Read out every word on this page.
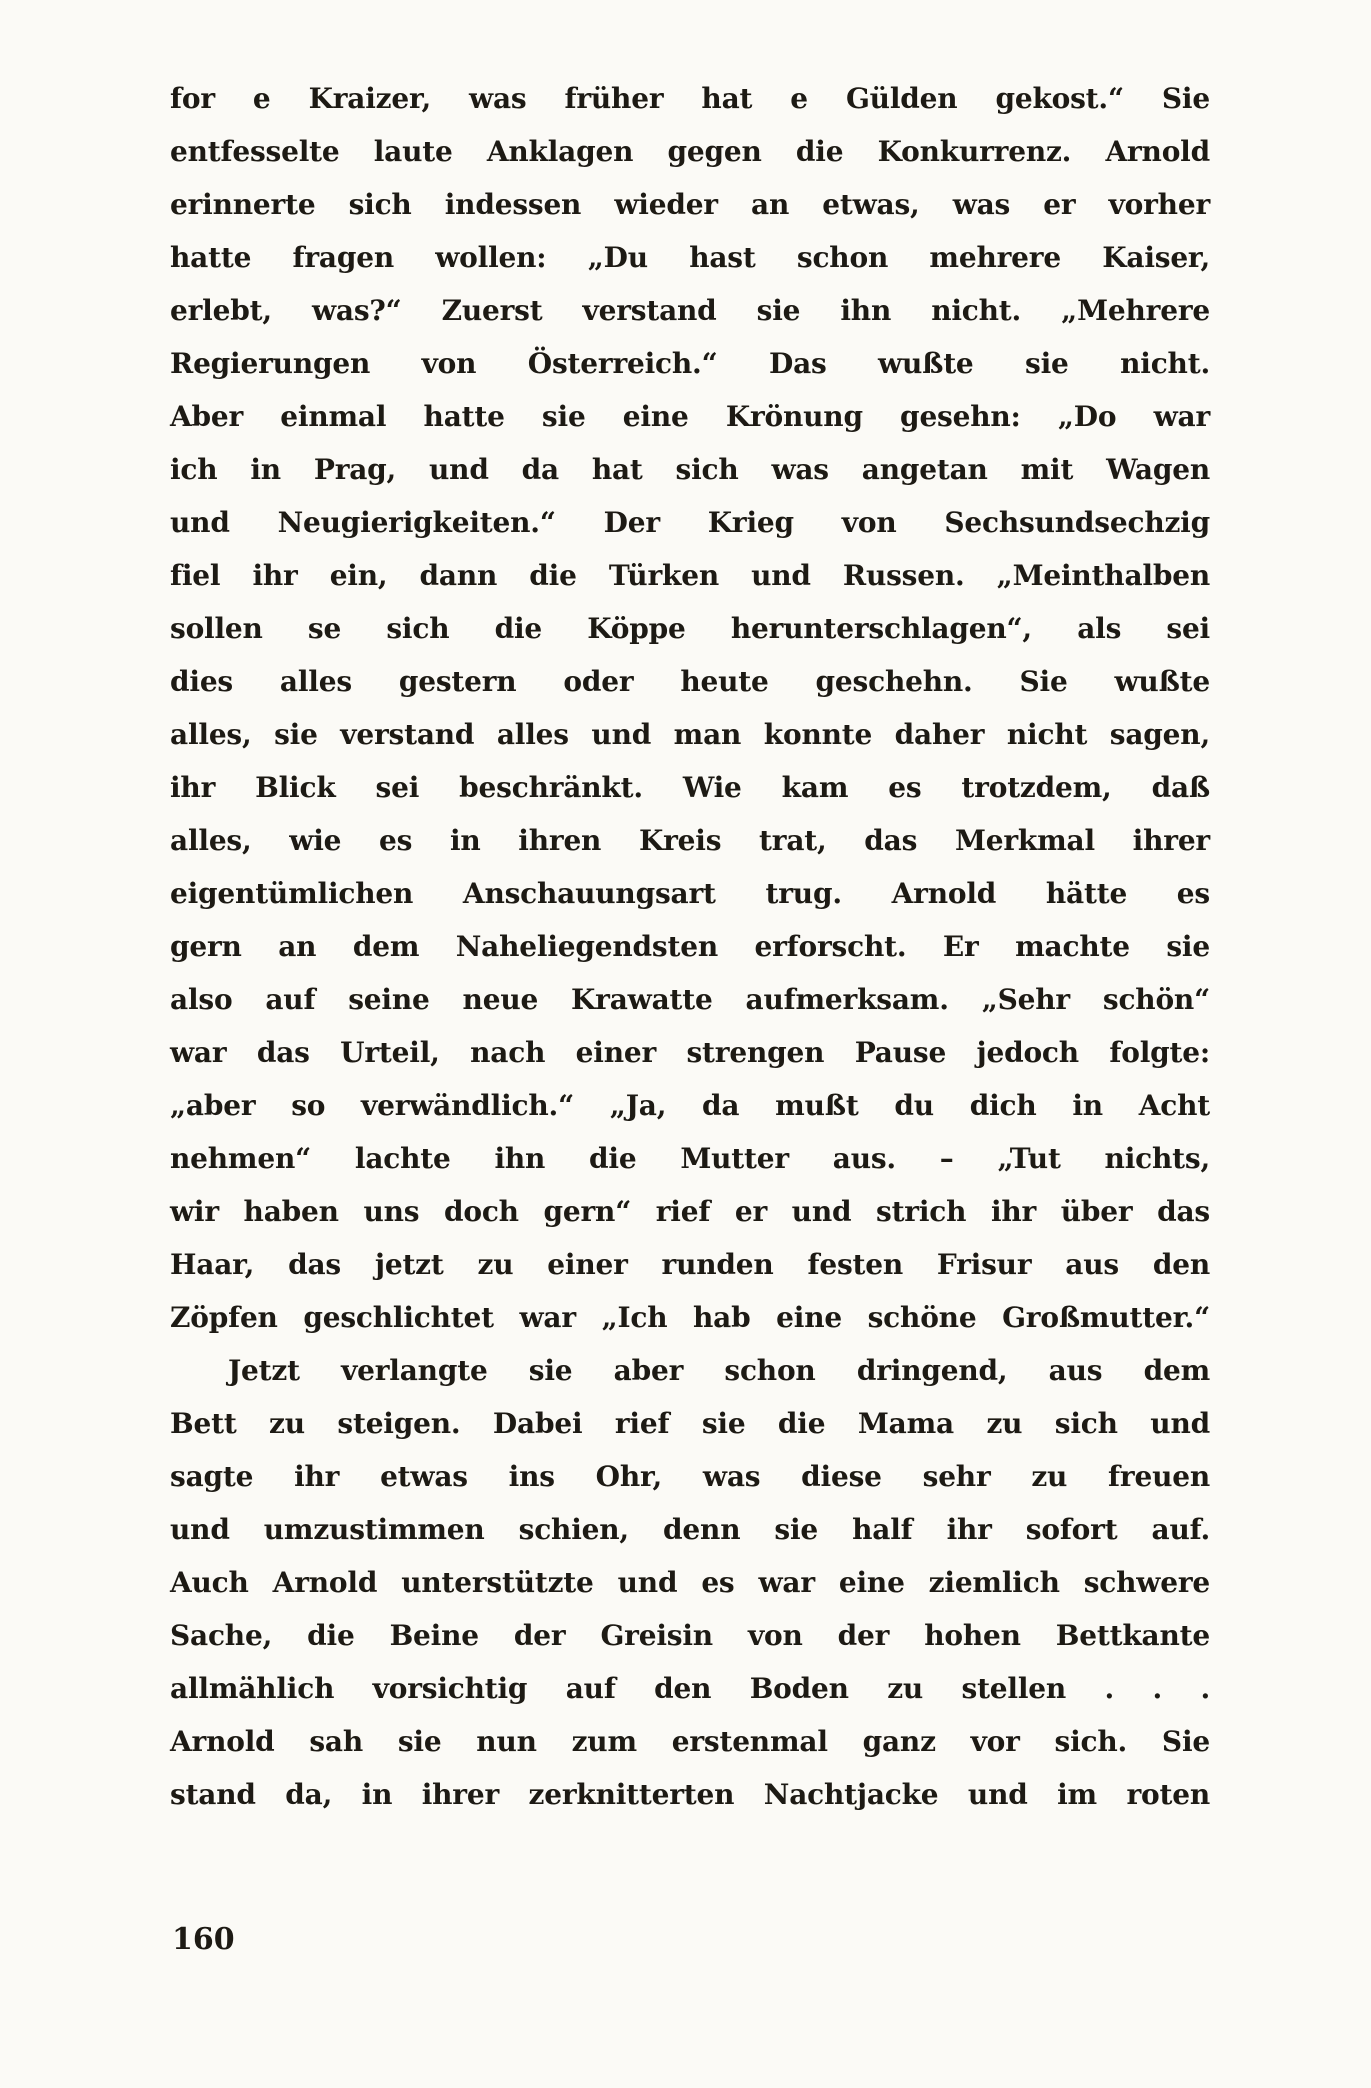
for e Kraizer, was früher hat e Gülden gekost.“ Sie
entfesselte laute Anklagen gegen die Konkurrenz. Arnold
erinnerte sich indessen wieder an etwas, was er vorher
hatte fragen wollen: „Du hast schon mehrere Kaiser,
erlebt, was?“ Zuerst verstand sie ihn nicht. „Mehrere
Regierungen von Österreich.“ Das wußte sie nicht.
Aber einmal hatte sie eine Krönung gesehn: „Do war
ich in Prag, und da hat sich was angetan mit Wagen
und Neugierigkeiten.“ Der Krieg von Sechsundsechzig
fiel ihr ein, dann die Türken und Russen. „Meinthalben
sollen se sich die Köppe herunterschlagen“, als sei
dies alles gestern oder heute geschehn. Sie wußte
alles, sie verstand alles und man konnte daher nicht sagen,
ihr Blick sei beschränkt. Wie kam es trotzdem, daß
alles, wie es in ihren Kreis trat, das Merkmal ihrer
eigentümlichen Anschauungsart trug. Arnold hätte es
gern an dem Naheliegendsten erforscht. Er machte sie
also auf seine neue Krawatte aufmerksam. „Sehr schön“
war das Urteil, nach einer strengen Pause jedoch folgte:
„aber so verwändlich.“ „Ja, da mußt du dich in Acht
nehmen“ lachte ihn die Mutter aus. – „Tut nichts,
wir haben uns doch gern“ rief er und strich ihr über das
Haar, das jetzt zu einer runden festen Frisur aus den
Zöpfen geschlichtet war „Ich hab eine schöne Großmutter.“
Jetzt verlangte sie aber schon dringend, aus dem
Bett zu steigen. Dabei rief sie die Mama zu sich und
sagte ihr etwas ins Ohr, was diese sehr zu freuen
und umzustimmen schien, denn sie half ihr sofort auf.
Auch Arnold unterstützte und es war eine ziemlich schwere
Sache, die Beine der Greisin von der hohen Bettkante
allmählich vorsichtig auf den Boden zu stellen . . .
Arnold sah sie nun zum erstenmal ganz vor sich. Sie
stand da, in ihrer zerknitterten Nachtjacke und im roten
160
